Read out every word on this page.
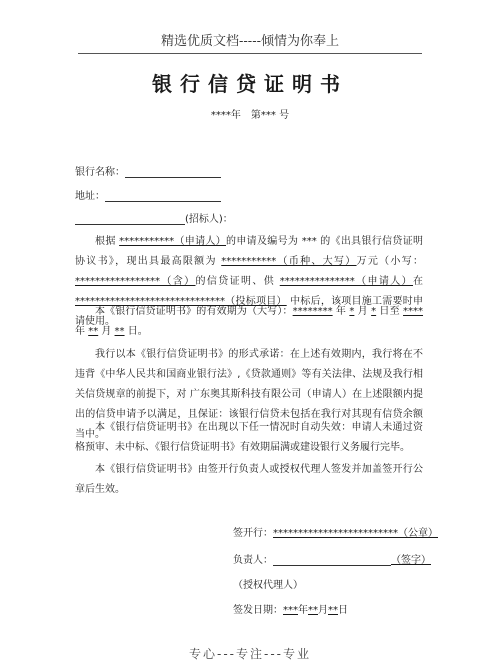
精选优质文档-----倾情为你奉上
银行信贷证明书
****年　第*** 号
银行名称：
地址：
(招标人)：
根据 ***********（申请人）的申请及编号为 *** 的《出具银行信贷证明协议书》，现出具最高限额为 ***********（币种、大写）万元（小写：*****************（含）的信贷证明、供 ***************（申请人）在 ******************************（投标项目） 中标后，该项目施工需要时申请使用。
本《银行信贷证明书》的有效期为（大写）：******** 年 * 月 * 日至 **** 年 ** 月 ** 日。
我行以本《银行信贷证明书》的形式承诺：在上述有效期内，我行将在不违背《中华人民共和国商业银行法》,《贷款通则》等有关法律、法规及我行相关信贷规章的前提下，对 广东奥其斯科技有限公司（申请人）在上述限额内提出的信贷申请予以满足，且保证：该银行信贷未包括在我行对其现有信贷余额当中。
本《银行信贷证明书》在出现以下任一情况时自动失效：申请人未通过资格预审、未中标、《银行信贷证明书》有效期届满或建设银行义务履行完毕。
本《银行信贷证明书》由签开行负责人或授权代理人签发并加盖签开行公章后生效。
签开行：*************************（公章）
负责人：	（签字）
（授权代理人）
签发日期：***年**月**日
专心---专注---专业
